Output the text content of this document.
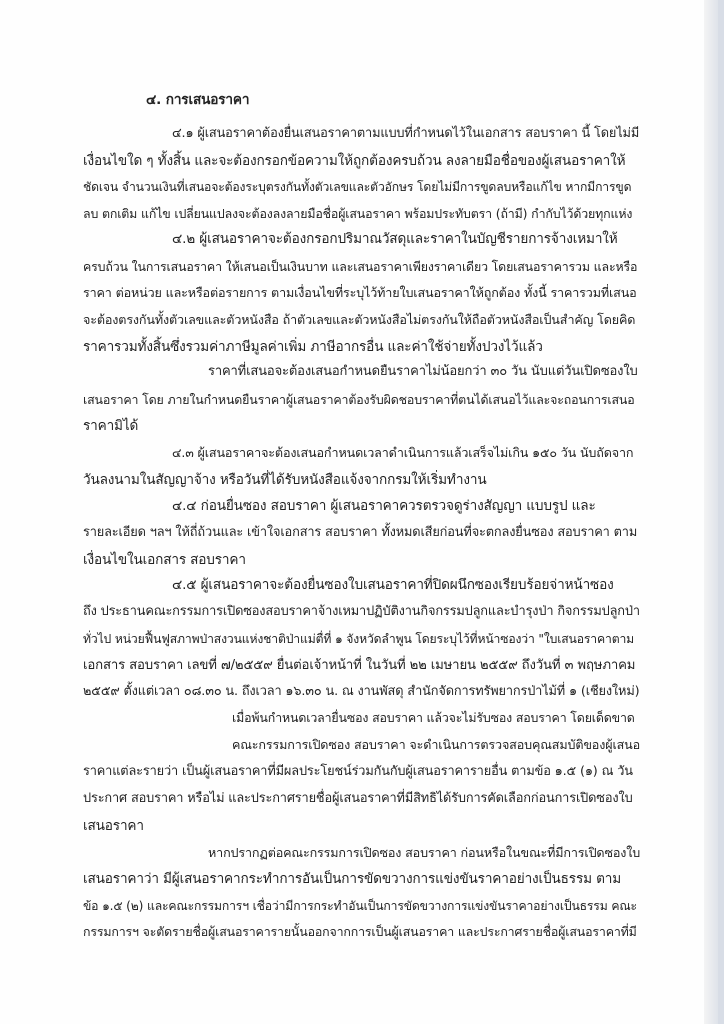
๔. การเสนอราคา
๔.๑ ผู้เสนอราคาต้องยื่นเสนอราคาตามแบบที่กำหนดไว้ในเอกสาร สอบราคา นี้ โดยไม่มี
เงื่อนไขใด ๆ ทั้งสิ้น และจะต้องกรอกข้อความให้ถูกต้องครบถ้วน ลงลายมือชื่อของผู้เสนอราคาให้
ชัดเจน จำนวนเงินที่เสนอจะต้องระบุตรงกันทั้งตัวเลขและตัวอักษร โดยไม่มีการขูดลบหรือแก้ไข หากมีการขูด
ลบ ตกเติม แก้ไข เปลี่ยนแปลงจะต้องลงลายมือชื่อผู้เสนอราคา พร้อมประทับตรา (ถ้ามี) กำกับไว้ด้วยทุกแห่ง
๔.๒ ผู้เสนอราคาจะต้องกรอกปริมาณวัสดุและราคาในบัญชีรายการจ้างเหมาให้
ครบถ้วน ในการเสนอราคา ให้เสนอเป็นเงินบาท และเสนอราคาเพียงราคาเดียว โดยเสนอราคารวม และหรือ
ราคา ต่อหน่วย และหรือต่อรายการ ตามเงื่อนไขที่ระบุไว้ท้ายใบเสนอราคาให้ถูกต้อง ทั้งนี้ ราคารวมที่เสนอ
จะต้องตรงกันทั้งตัวเลขและตัวหนังสือ ถ้าตัวเลขและตัวหนังสือไม่ตรงกันให้ถือตัวหนังสือเป็นสำคัญ โดยคิด
ราคารวมทั้งสิ้นซึ่งรวมค่าภาษีมูลค่าเพิ่ม ภาษีอากรอื่น และค่าใช้จ่ายทั้งปวงไว้แล้ว
ราคาที่เสนอจะต้องเสนอกำหนดยืนราคาไม่น้อยกว่า ๓๐ วัน นับแต่วันเปิดซองใบ
เสนอราคา โดย ภายในกำหนดยืนราคาผู้เสนอราคาต้องรับผิดชอบราคาที่ตนได้เสนอไว้และจะถอนการเสนอ
ราคามิได้
๔.๓ ผู้เสนอราคาจะต้องเสนอกำหนดเวลาดำเนินการแล้วเสร็จไม่เกิน ๑๕๐ วัน นับถัดจาก
วันลงนามในสัญญาจ้าง หรือวันที่ได้รับหนังสือแจ้งจากกรมให้เริ่มทำงาน
๔.๔ ก่อนยื่นซอง สอบราคา ผู้เสนอราคาควรตรวจดูร่างสัญญา แบบรูป และ
รายละเอียด ฯลฯ ให้ถี่ถ้วนและ เข้าใจเอกสาร สอบราคา ทั้งหมดเสียก่อนที่จะตกลงยื่นซอง สอบราคา ตาม
เงื่อนไขในเอกสาร สอบราคา
๔.๕ ผู้เสนอราคาจะต้องยื่นซองใบเสนอราคาที่ปิดผนึกซองเรียบร้อยจ่าหน้าซอง
ถึง ประธานคณะกรรมการเปิดซองสอบราคาจ้างเหมาปฏิบัติงานกิจกรรมปลูกและบำรุงป่า กิจกรรมปลูกป่า
ทั่วไป หน่วยฟื้นฟูสภาพป่าสงวนแห่งชาติป่าแม่ตื่ที่ ๑ จังหวัดลำพูน โดยระบุไว้ที่หน้าซองว่า "ใบเสนอราคาตาม
เอกสาร สอบราคา เลขที่ ๗/๒๕๕๙ ยื่นต่อเจ้าหน้าที่ ในวันที่ ๒๒ เมษายน ๒๕๕๙ ถึงวันที่ ๓ พฤษภาคม
๒๕๕๙ ตั้งแต่เวลา ๐๘.๓๐ น. ถึงเวลา ๑๖.๓๐ น. ณ งานพัสดุ สำนักจัดการทรัพยากรป่าไม้ที่ ๑ (เชียงใหม่)
เมื่อพ้นกำหนดเวลายื่นซอง สอบราคา แล้วจะไม่รับซอง สอบราคา โดยเด็ดขาด
คณะกรรมการเปิดซอง สอบราคา จะดำเนินการตรวจสอบคุณสมบัติของผู้เสนอ
ราคาแต่ละรายว่า เป็นผู้เสนอราคาที่มีผลประโยชน์ร่วมกันกับผู้เสนอราคารายอื่น ตามข้อ ๑.๕ (๑) ณ วัน
ประกาศ สอบราคา หรือไม่ และประกาศรายชื่อผู้เสนอราคาที่มีสิทธิได้รับการคัดเลือกก่อนการเปิดซองใบ
เสนอราคา
หากปรากฏต่อคณะกรรมการเปิดซอง สอบราคา ก่อนหรือในขณะที่มีการเปิดซองใบ
เสนอราคาว่า มีผู้เสนอราคากระทำการอันเป็นการขัดขวางการแข่งขันราคาอย่างเป็นธรรม ตาม
ข้อ ๑.๕ (๒) และคณะกรรมการฯ เชื่อว่ามีการกระทำอันเป็นการขัดขวางการแข่งขันราคาอย่างเป็นธรรม คณะ
กรรมการฯ จะตัดรายชื่อผู้เสนอราคารายนั้นออกจากการเป็นผู้เสนอราคา และประกาศรายชื่อผู้เสนอราคาที่มี
